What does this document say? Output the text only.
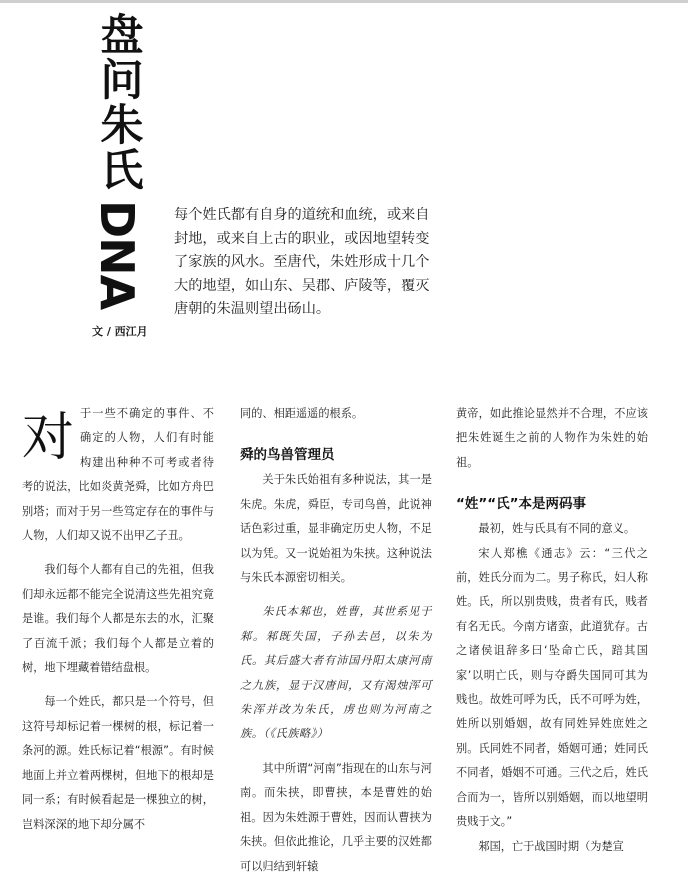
盘
问
朱
氏
DNA
文 / 西江月
每个姓氏都有自身的道统和血统，或来自封地，或来自上古的职业，或因地望转变了家族的风水。至唐代，朱姓形成十几个大的地望，如山东、吴郡、庐陵等，覆灭唐朝的朱温则望出砀山。

对于一些不确定的事件、不确定的人物，人们有时能构建出种种不可考或者待考的说法，比如炎黄尧舜，比如方舟巴别塔；而对于另一些笃定存在的事件与人物，人们却又说不出甲乙子丑。

我们每个人都有自己的先祖，但我们却永远都不能完全说清这些先祖究竟是谁。我们每个人都是东去的水，汇聚了百流千派；我们每个人都是立着的树，地下埋藏着错结盘根。

每一个姓氏，都只是一个符号，但这符号却标记着一棵树的根，标记着一条河的源。姓氏标记着“根源”。有时候地面上并立着两棵树，但地下的根却是同一系；有时候看起是一棵独立的树，岂料深深的地下却分属不

同的、相距遥遥的根系。

舜的鸟兽管理员

关于朱氏始祖有多种说法，其一是朱虎。朱虎，舜臣，专司鸟兽，此说神话色彩过重，显非确定历史人物，不足以为凭。又一说始祖为朱挟。这种说法与朱氏本源密切相关。

朱氏本邾也，姓曹，其世系见于邾。邾既失国，子孙去邑，以朱为氏。其后盛大者有沛国丹阳太康河南之九族，显于汉唐间，又有渴烛浑可朱浑并改为朱氏，虏也则为河南之族。（《氏族略》）

其中所谓“河南”指现在的山东与河南。而朱挟，即曹挟，本是曹姓的始祖。因为朱姓源于曹姓，因而认曹挟为朱挟。但依此推论，几乎主要的汉姓都可以归结到轩辕

黄帝，如此推论显然并不合理，不应该把朱姓诞生之前的人物作为朱姓的始祖。

“姓”“氏”本是两码事

最初，姓与氏具有不同的意义。

宋人郑樵《通志》云：“三代之前，姓氏分而为二。男子称氏，妇人称姓。氏，所以别贵贱，贵者有氏，贱者有名无氏。今南方诸蛮，此道犹存。古之诸侯诅辞多曰‘坠命亡氏，踣其国家’以明亡氏，则与夺爵失国同可其为贱也。故姓可呼为氏，氏不可呼为姓，姓所以别婚姻，故有同姓异姓庶姓之别。氏同姓不同者，婚姻可通；姓同氏不同者，婚姻不可通。三代之后，姓氏合而为一，皆所以别婚姻，而以地望明贵贱于文。”

邾国，亡于战国时期（为楚宣
